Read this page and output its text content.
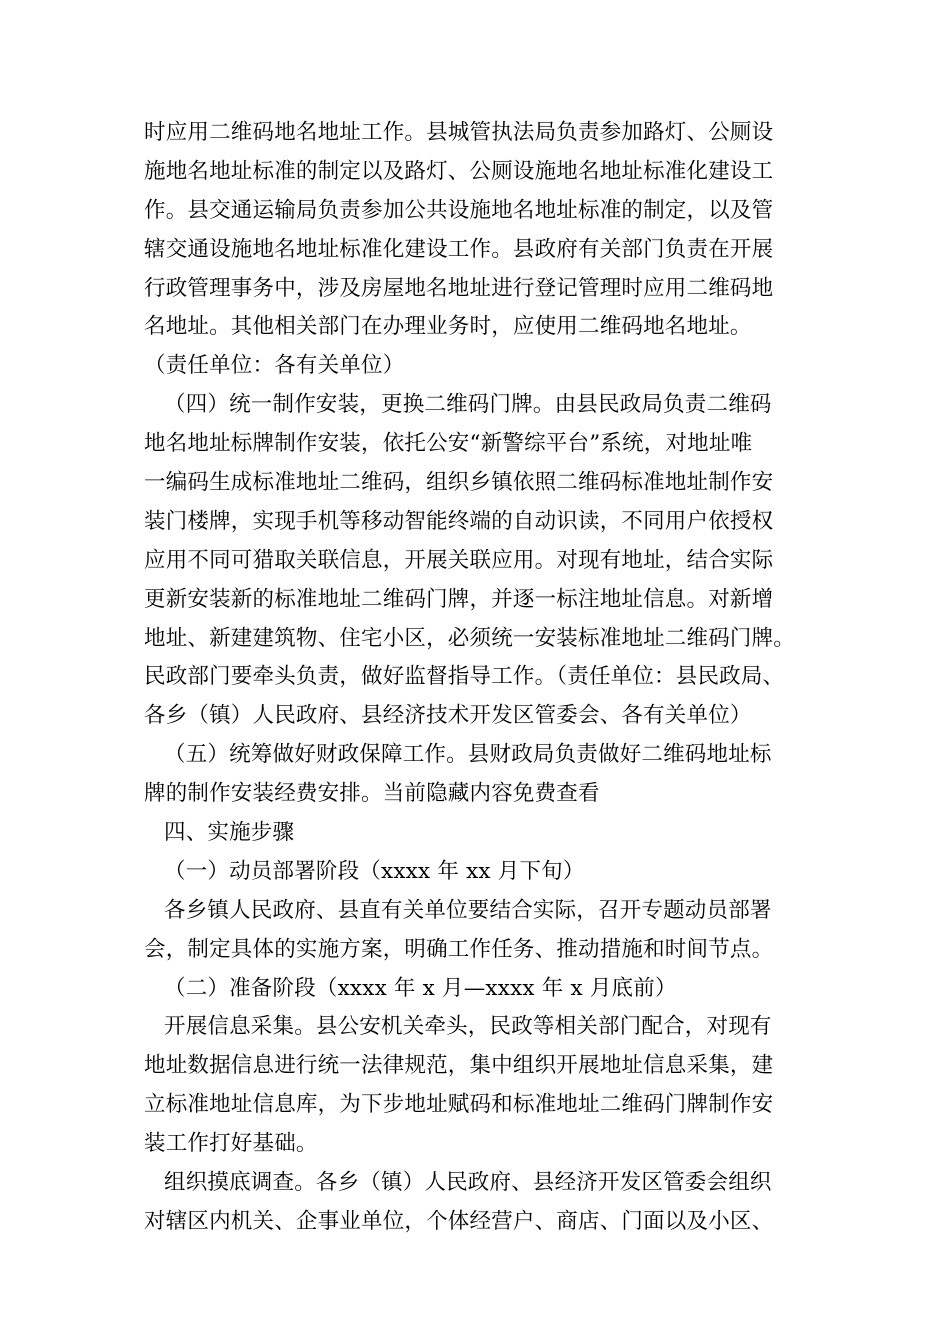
时应用二维码地名地址工作。县城管执法局负责参加路灯、公厕设
施地名地址标准的制定以及路灯、公厕设施地名地址标准化建设工
作。县交通运输局负责参加公共设施地名地址标准的制定，以及管
辖交通设施地名地址标准化建设工作。县政府有关部门负责在开展
行政管理事务中，涉及房屋地名地址进行登记管理时应用二维码地
名地址。其他相关部门在办理业务时，应使用二维码地名地址。
（责任单位：各有关单位）
（四）统一制作安装，更换二维码门牌。由县民政局负责二维码
地名地址标牌制作安装，依托公安“新警综平台”系统，对地址唯
一编码生成标准地址二维码，组织乡镇依照二维码标准地址制作安
装门楼牌，实现手机等移动智能终端的自动识读，不同用户依授权
应用不同可猎取关联信息，开展关联应用。对现有地址，结合实际
更新安装新的标准地址二维码门牌，并逐一标注地址信息。对新增
地址、新建建筑物、住宅小区，必须统一安装标准地址二维码门牌。
民政部门要牵头负责，做好监督指导工作。（责任单位：县民政局、
各乡（镇）人民政府、县经济技术开发区管委会、各有关单位）
（五）统筹做好财政保障工作。县财政局负责做好二维码地址标
牌的制作安装经费安排。当前隐藏内容免费查看
四、实施步骤
（一）动员部署阶段（xxxx 年 xx 月下旬）
各乡镇人民政府、县直有关单位要结合实际，召开专题动员部署
会，制定具体的实施方案，明确工作任务、推动措施和时间节点。
（二）准备阶段（xxxx 年 x 月—xxxx 年 x 月底前）
开展信息采集。县公安机关牵头，民政等相关部门配合，对现有
地址数据信息进行统一法律规范，集中组织开展地址信息采集，建
立标准地址信息库，为下步地址赋码和标准地址二维码门牌制作安
装工作打好基础。
组织摸底调查。各乡（镇）人民政府、县经济开发区管委会组织
对辖区内机关、企事业单位，个体经营户、商店、门面以及小区、
